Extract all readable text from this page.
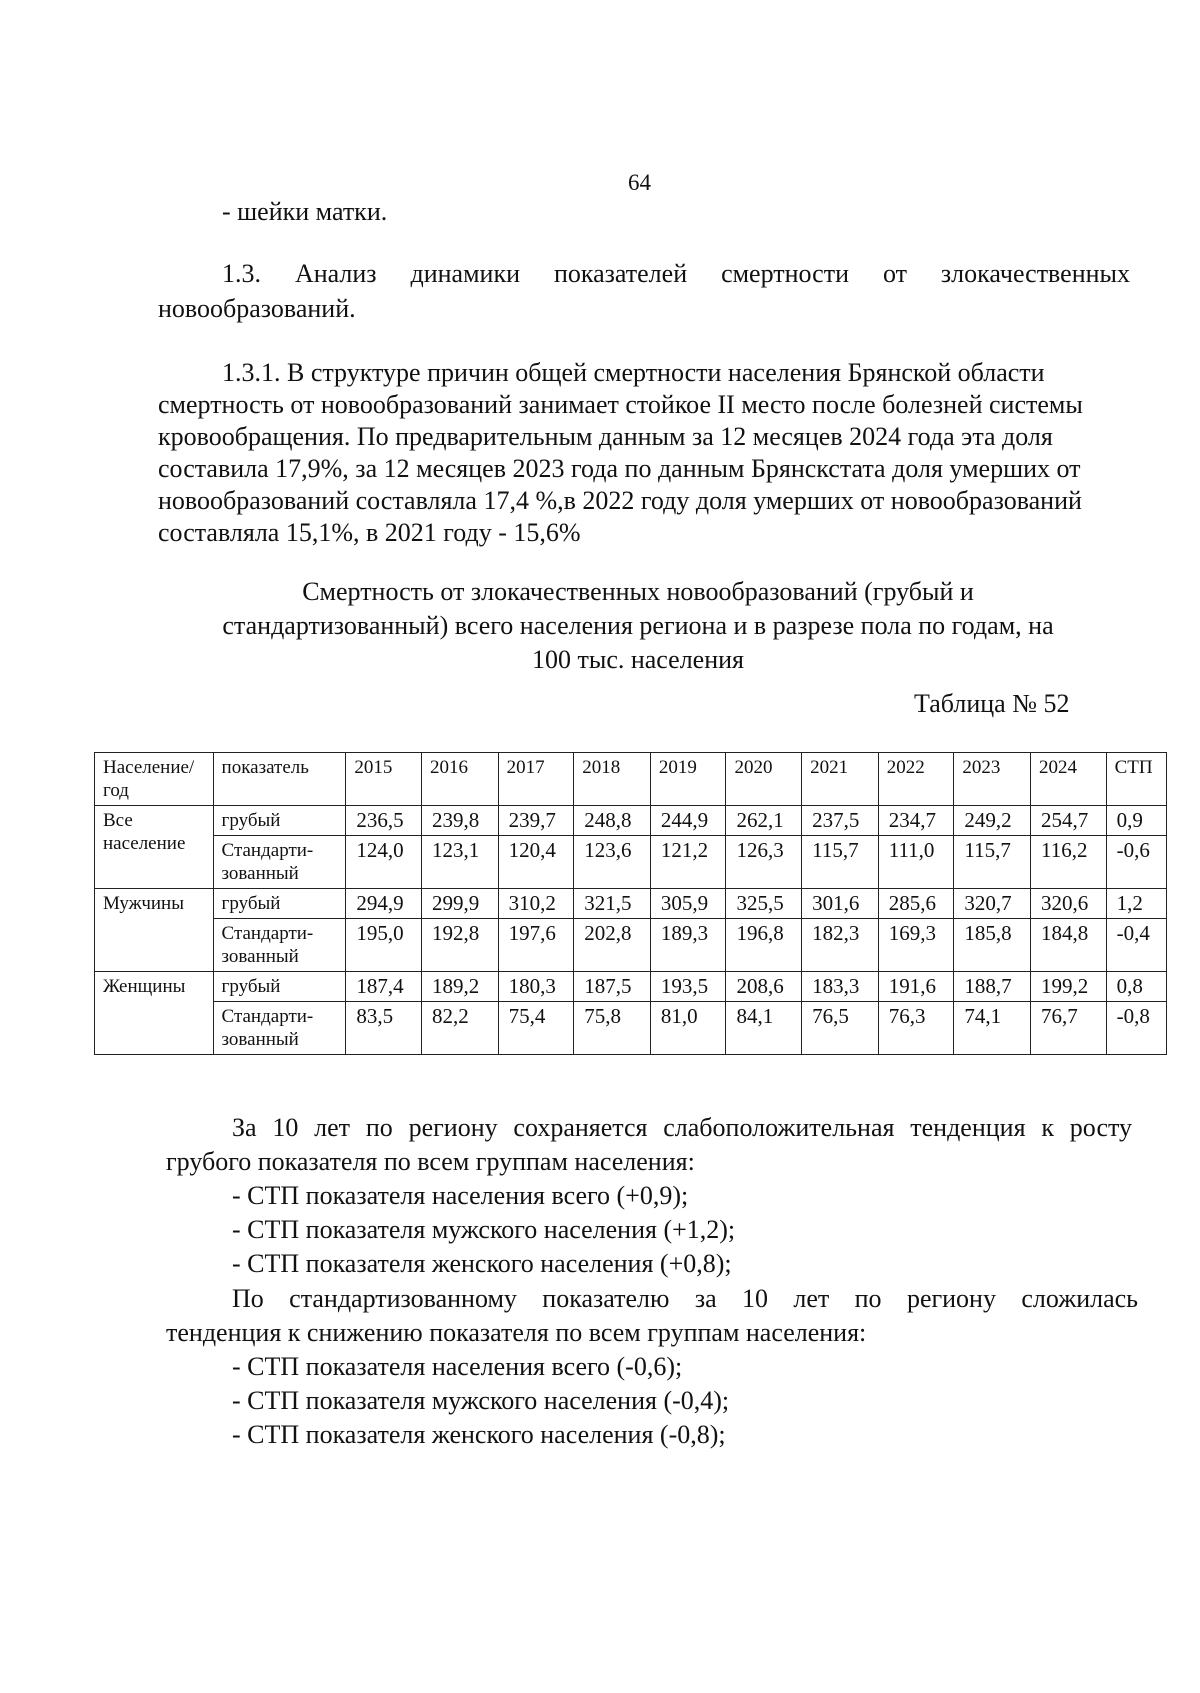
64
- шейки матки.
1.3. Анализ динамики показателей смертности от злокачественных
новообразований.
1.3.1. В структуре причин общей смертности населения Брянской области
смертность от новообразований занимает стойкое II место после болезней системы
кровообращения. По предварительным данным за 12 месяцев 2024 года эта доля
составила 17,9%, за 12 месяцев 2023 года по данным Брянскстата доля умерших от
новообразований составляла 17,4 %,в 2022 году доля умерших от новообразований
составляла 15,1%, в 2021 году - 15,6%
Смертность от злокачественных новообразований (грубый и
стандартизованный) всего населения региона и в разрезе пола по годам, на
100 тыс. населения
Таблица № 52
Население/ год	показатель	2015	2016	2017	2018	2019	2020	2021	2022	2023	2024	СТП
Все население	грубый	236,5	239,8	239,7	248,8	244,9	262,1	237,5	234,7	249,2	254,7	0,9
	Стандарти-зованный	124,0	123,1	120,4	123,6	121,2	126,3	115,7	111,0	115,7	116,2	-0,6
Мужчины	грубый	294,9	299,9	310,2	321,5	305,9	325,5	301,6	285,6	320,7	320,6	1,2
	Стандарти-зованный	195,0	192,8	197,6	202,8	189,3	196,8	182,3	169,3	185,8	184,8	-0,4
Женщины	грубый	187,4	189,2	180,3	187,5	193,5	208,6	183,3	191,6	188,7	199,2	0,8
	Стандарти-зованный	83,5	82,2	75,4	75,8	81,0	84,1	76,5	76,3	74,1	76,7	-0,8
За 10 лет по региону сохраняется слабоположительная тенденция к росту
грубого показателя по всем группам населения:
- СТП показателя населения всего (+0,9);
- СТП показателя мужского населения (+1,2);
- СТП показателя женского населения (+0,8);
По стандартизованному показателю за 10 лет по региону сложилась
тенденция к снижению показателя по всем группам населения:
- СТП показателя населения всего (-0,6);
- СТП показателя мужского населения (-0,4);
- СТП показателя женского населения (-0,8);
